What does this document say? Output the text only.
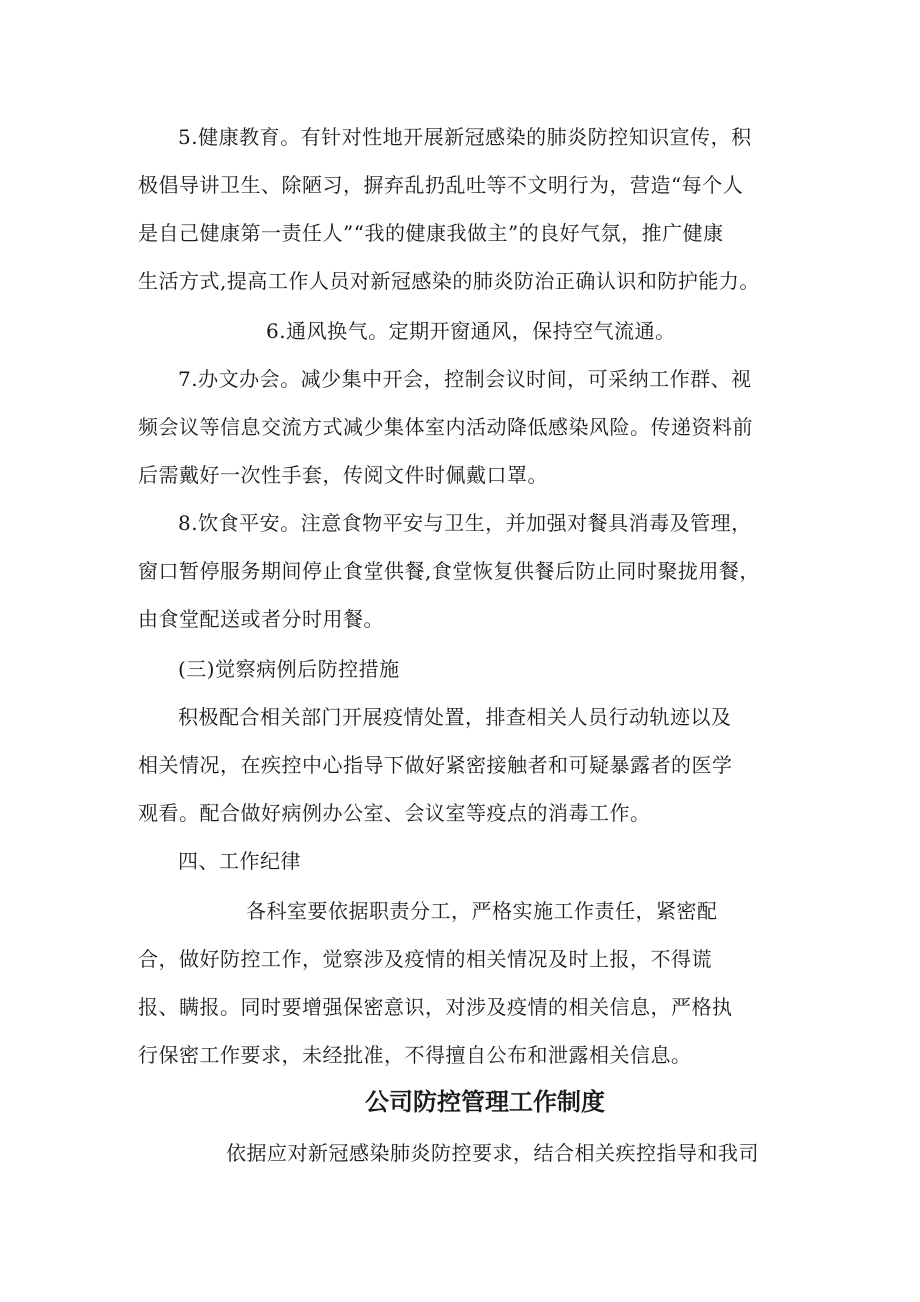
5.健康教育。有针对性地开展新冠感染的肺炎防控知识宣传，积
极倡导讲卫生、除陋习，摒弃乱扔乱吐等不文明行为，营造“每个人
是自己健康第一责任人”“我的健康我做主”的良好气氛，推广健康
生活方式,提高工作人员对新冠感染的肺炎防治正确认识和防护能力。
6.通风换气。定期开窗通风，保持空气流通。
7.办文办会。减少集中开会，控制会议时间，可采纳工作群、视
频会议等信息交流方式减少集体室内活动降低感染风险。传递资料前
后需戴好一次性手套，传阅文件时佩戴口罩。
8.饮食平安。注意食物平安与卫生，并加强对餐具消毒及管理，
窗口暂停服务期间停止食堂供餐,食堂恢复供餐后防止同时聚拢用餐，
由食堂配送或者分时用餐。
(三)觉察病例后防控措施
积极配合相关部门开展疫情处置，排查相关人员行动轨迹以及
相关情况，在疾控中心指导下做好紧密接触者和可疑暴露者的医学
观看。配合做好病例办公室、会议室等疫点的消毒工作。
四、工作纪律
各科室要依据职责分工，严格实施工作责任，紧密配
合，做好防控工作，觉察涉及疫情的相关情况及时上报，不得谎
报、瞒报。同时要增强保密意识，对涉及疫情的相关信息，严格执
行保密工作要求，未经批准，不得擅自公布和泄露相关信息。
公司防控管理工作制度
依据应对新冠感染肺炎防控要求，结合相关疾控指导和我司
